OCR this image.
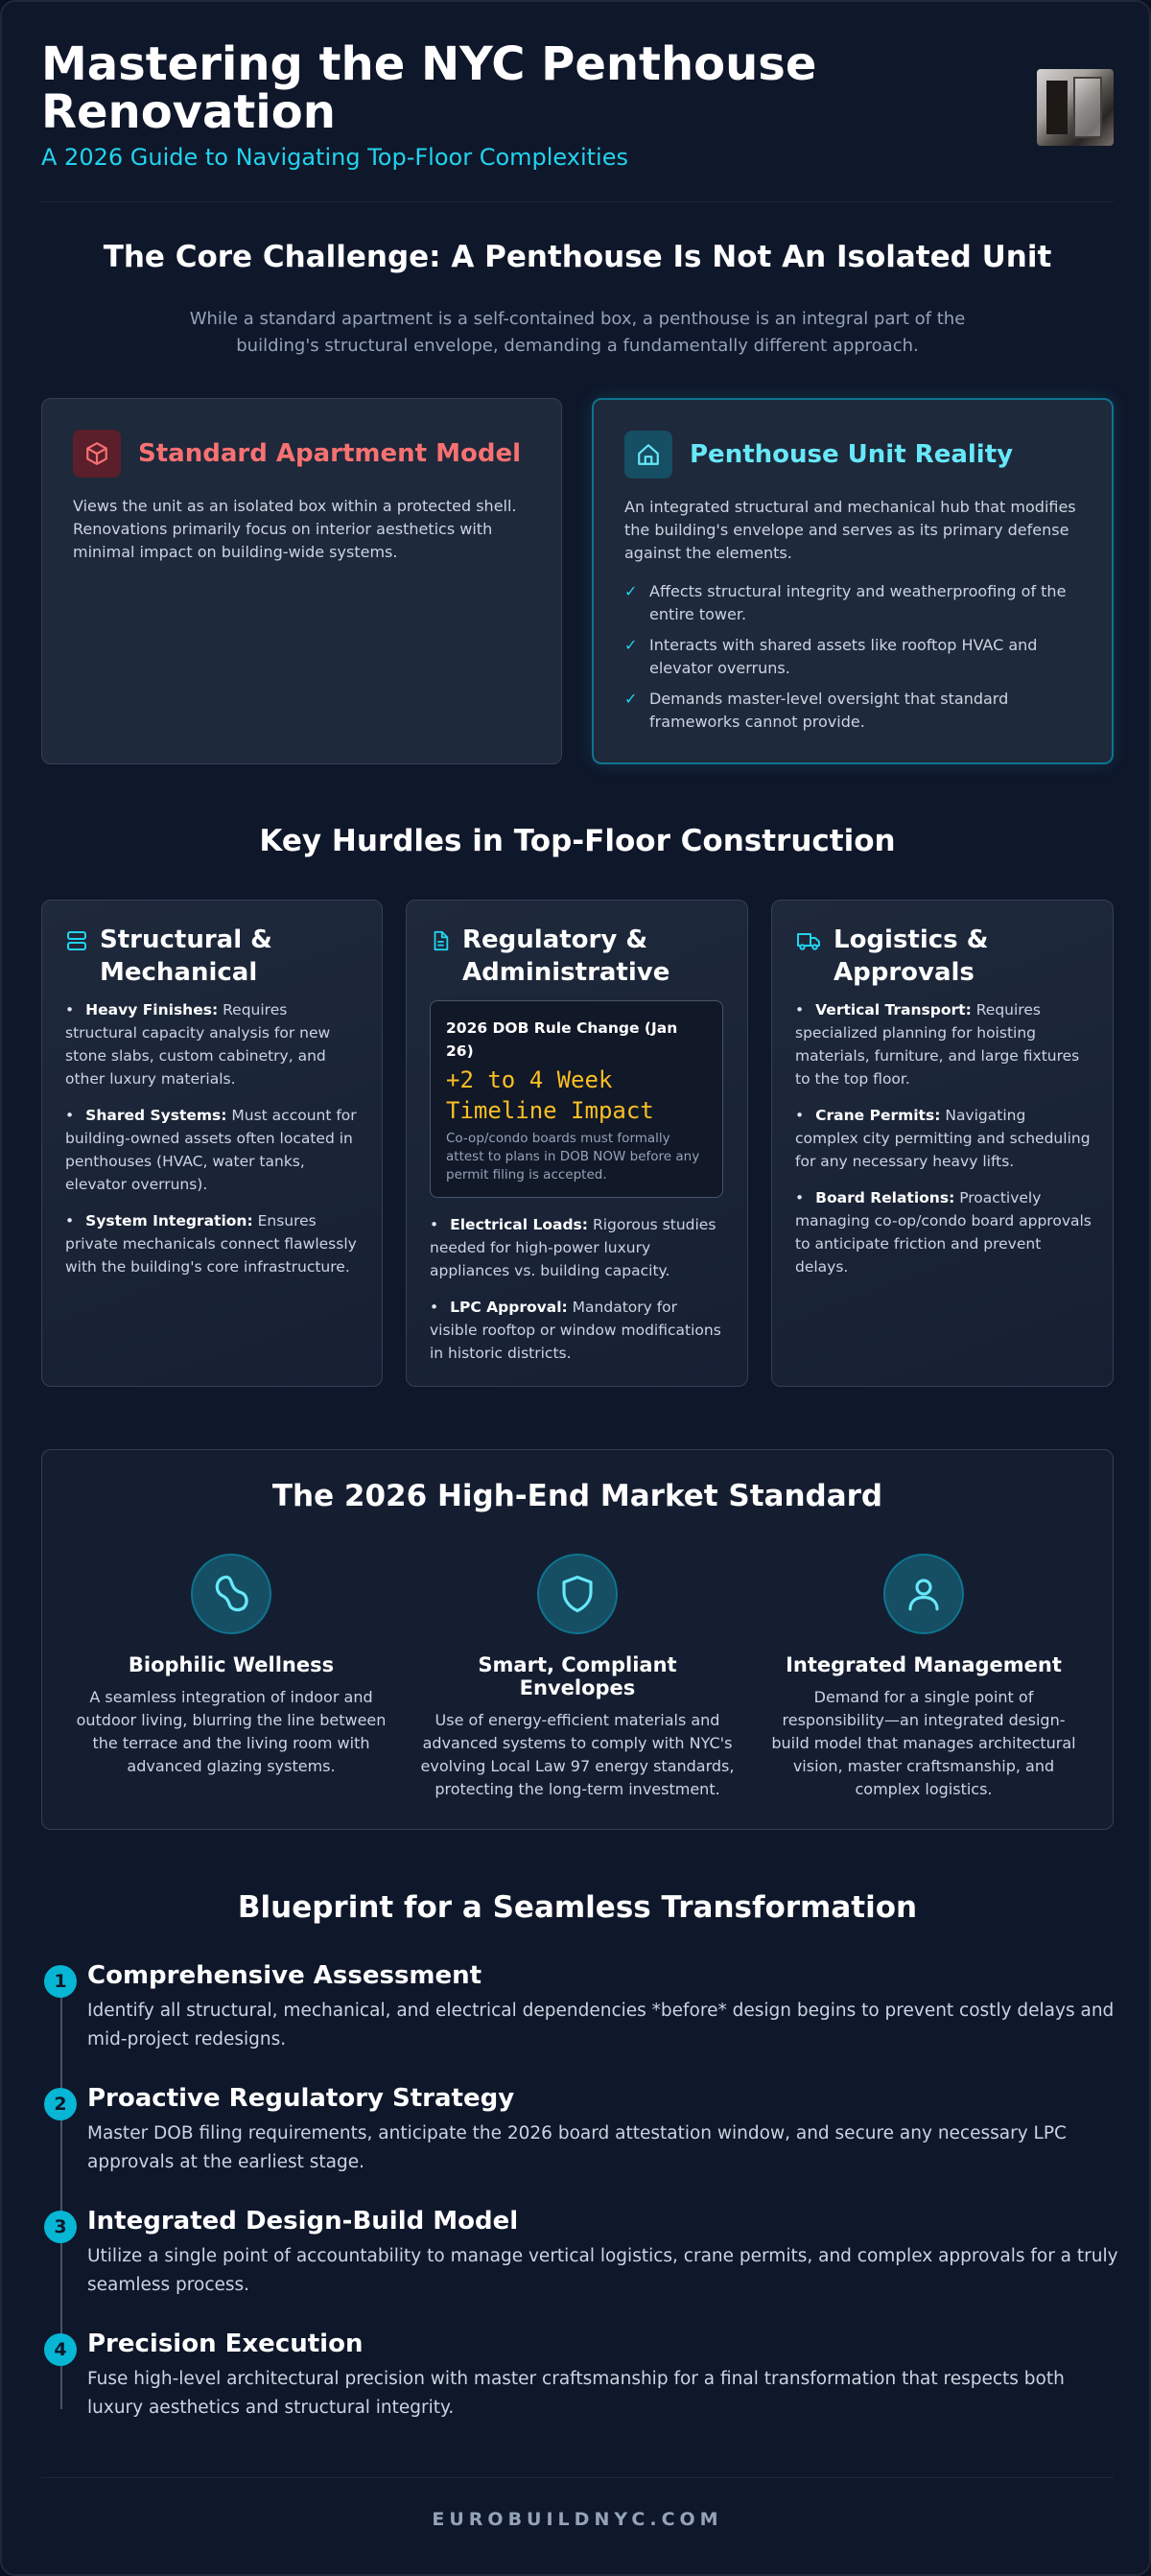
Mastering the NYC Penthouse Renovation
A 2026 Guide to Navigating Top-Floor Complexities
The Core Challenge: A Penthouse Is Not An Isolated Unit
While a standard apartment is a self-contained box, a penthouse is an integral part of the building's structural envelope, demanding a fundamentally different approach.
Standard Apartment Model
Views the unit as an isolated box within a protected shell. Renovations primarily focus on interior aesthetics with minimal impact on building-wide systems.
Penthouse Unit Reality
An integrated structural and mechanical hub that modifies the building's envelope and serves as its primary defense against the elements.
✓ Affects structural integrity and weatherproofing of the entire tower.
✓ Interacts with shared assets like rooftop HVAC and elevator overruns.
✓ Demands master-level oversight that standard frameworks cannot provide.
Key Hurdles in Top-Floor Construction
Structural & Mechanical
• Heavy Finishes: Requires structural capacity analysis for new stone slabs, custom cabinetry, and other luxury materials.
• Shared Systems: Must account for building-owned assets often located in penthouses (HVAC, water tanks, elevator overruns).
• System Integration: Ensures private mechanicals connect flawlessly with the building's core infrastructure.
Regulatory & Administrative
2026 DOB Rule Change (Jan 26)
+2 to 4 Week Timeline Impact
Co-op/condo boards must formally attest to plans in DOB NOW before any permit filing is accepted.
• Electrical Loads: Rigorous studies needed for high-power luxury appliances vs. building capacity.
• LPC Approval: Mandatory for visible rooftop or window modifications in historic districts.
Logistics & Approvals
• Vertical Transport: Requires specialized planning for hoisting materials, furniture, and large fixtures to the top floor.
• Crane Permits: Navigating complex city permitting and scheduling for any necessary heavy lifts.
• Board Relations: Proactively managing co-op/condo board approvals to anticipate friction and prevent delays.
The 2026 High-End Market Standard
Biophilic Wellness
A seamless integration of indoor and outdoor living, blurring the line between the terrace and the living room with advanced glazing systems.
Smart, Compliant Envelopes
Use of energy-efficient materials and advanced systems to comply with NYC's evolving Local Law 97 energy standards, protecting the long-term investment.
Integrated Management
Demand for a single point of responsibility—an integrated design-build model that manages architectural vision, master craftsmanship, and complex logistics.
Blueprint for a Seamless Transformation
1 Comprehensive Assessment
Identify all structural, mechanical, and electrical dependencies *before* design begins to prevent costly delays and mid-project redesigns.
2 Proactive Regulatory Strategy
Master DOB filing requirements, anticipate the 2026 board attestation window, and secure any necessary LPC approvals at the earliest stage.
3 Integrated Design-Build Model
Utilize a single point of accountability to manage vertical logistics, crane permits, and complex approvals for a truly seamless process.
4 Precision Execution
Fuse high-level architectural precision with master craftsmanship for a final transformation that respects both luxury aesthetics and structural integrity.
EUROBUILDNYC.COM
